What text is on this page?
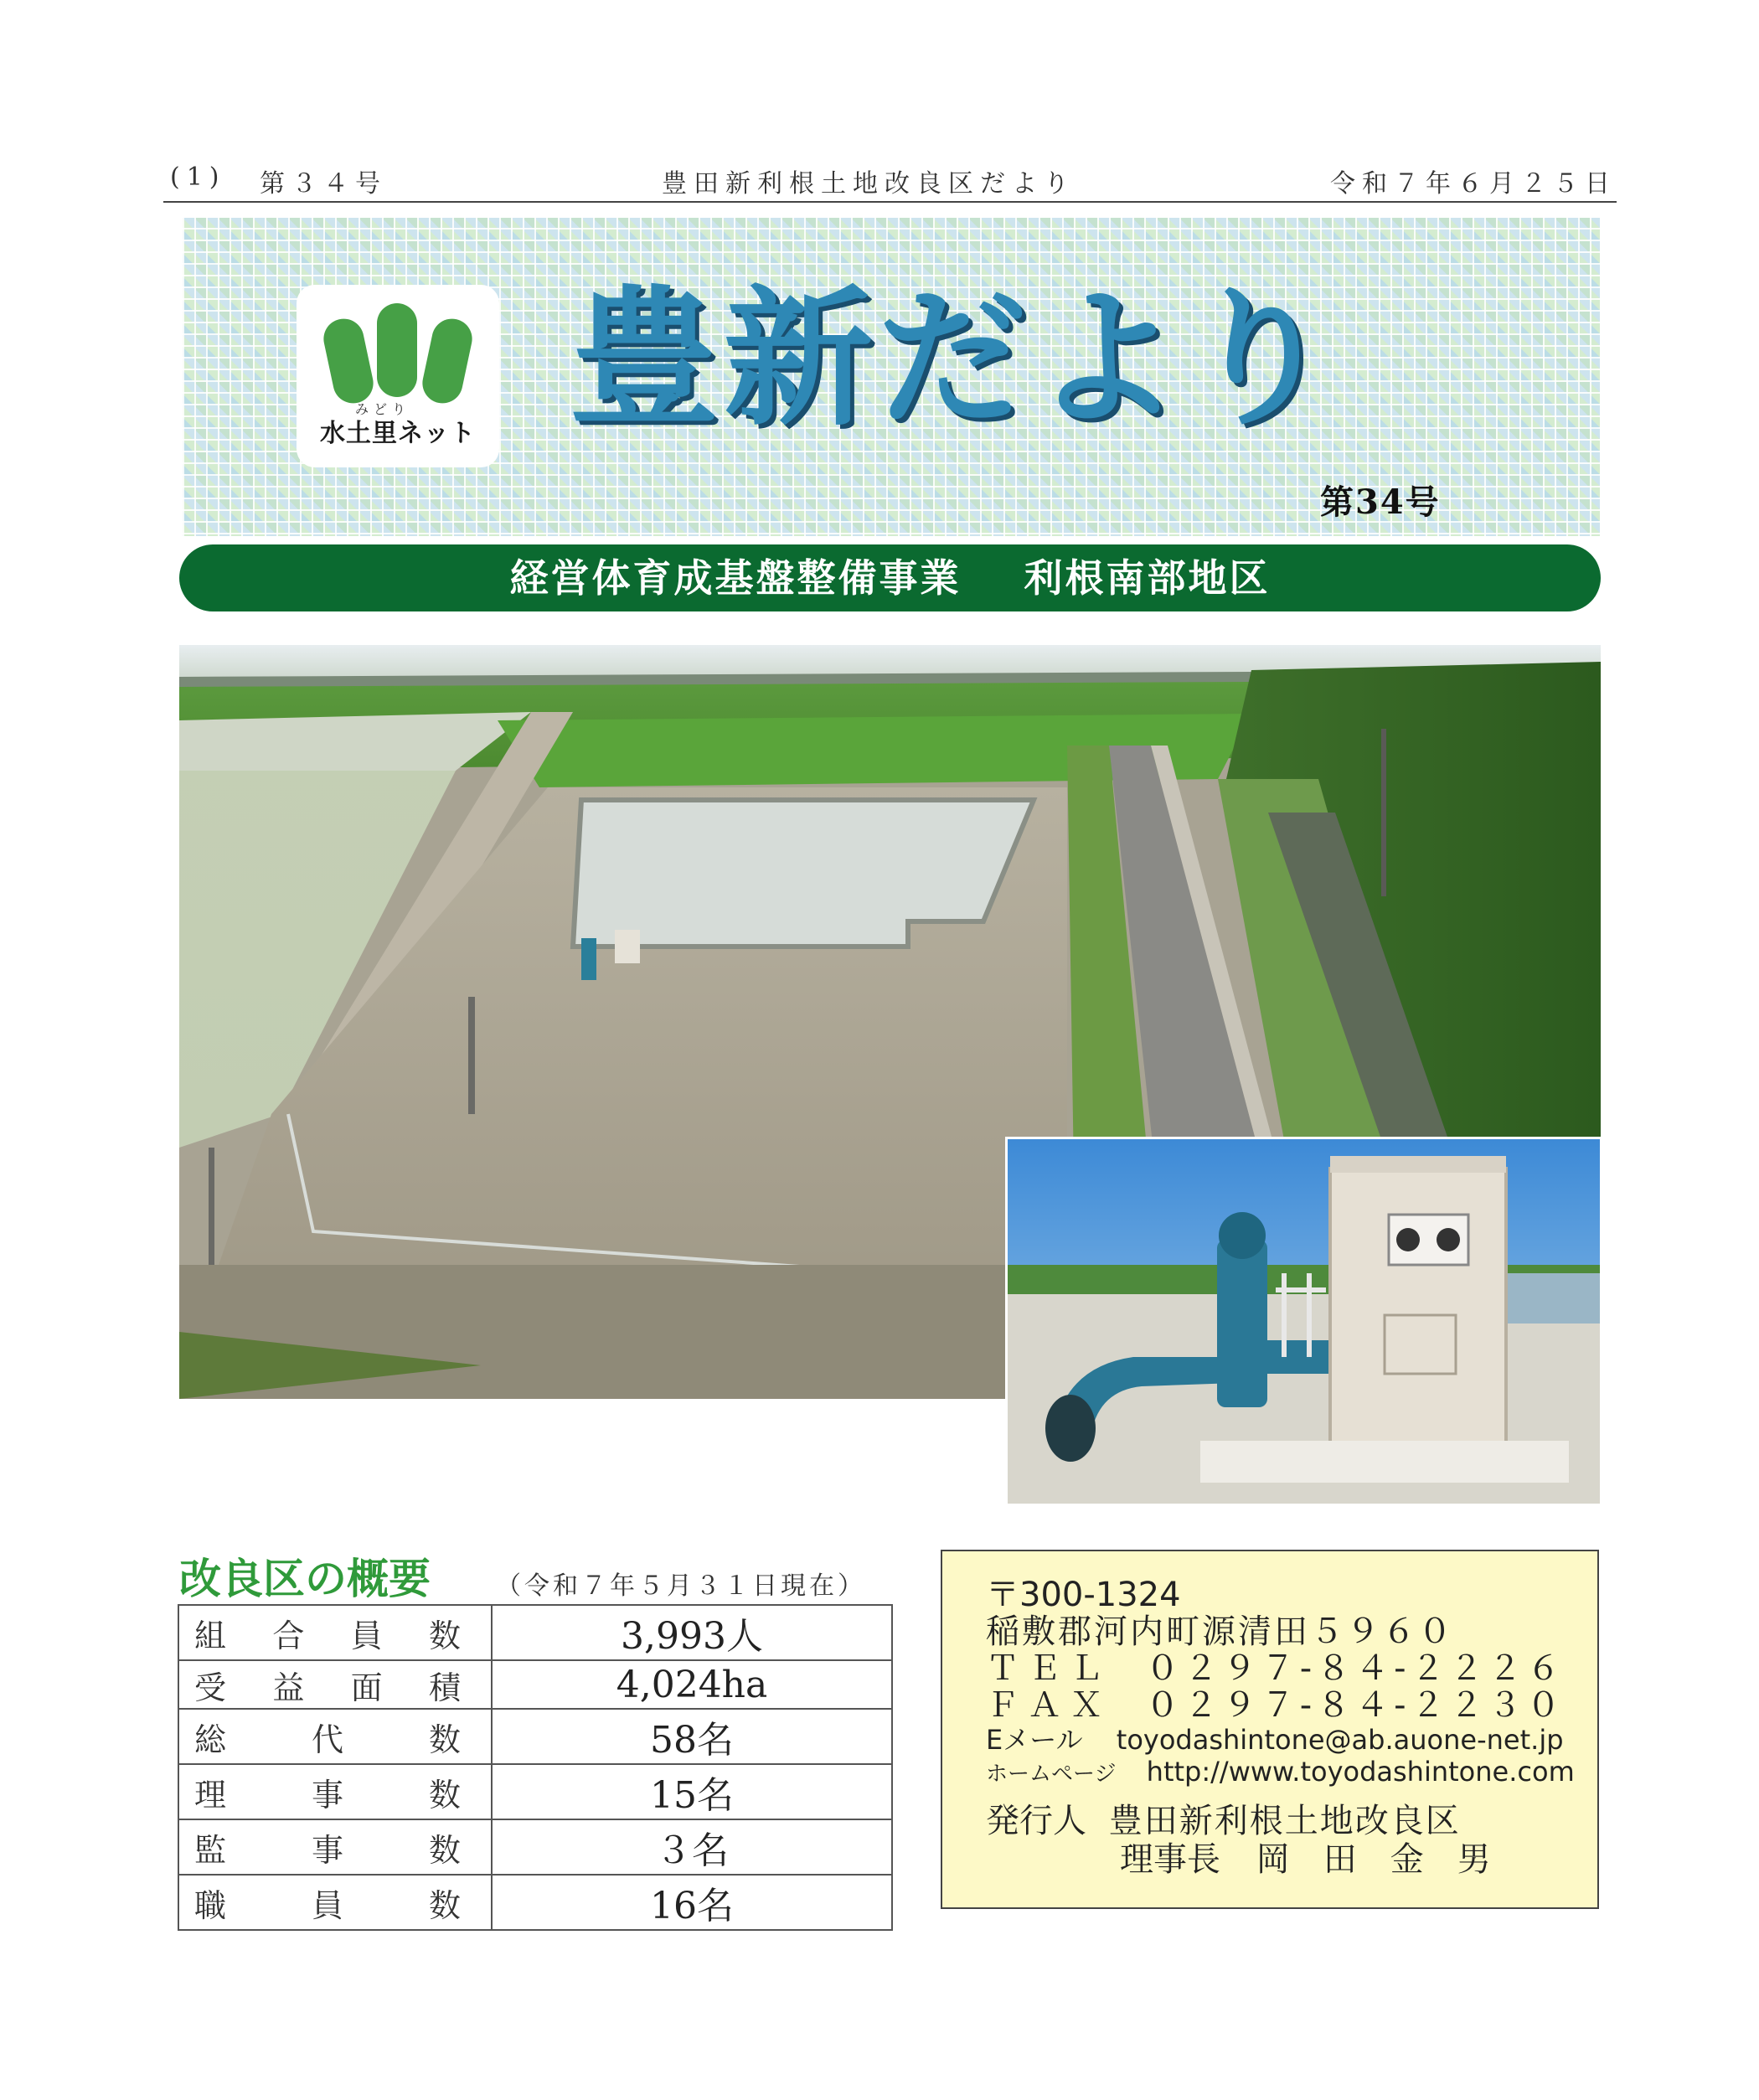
(1) 第３４号	豊田新利根土地改良区だより	令和７年６月２５日
みどり
水土里ネット 豊新だより
第34号
経営体育成基盤整備事業 利根南部地区
改良区の概要	（令和７年５月３１日現在）
組合員数	3,993人
受益面積	4,024ha
総代数	58名
理事数	15名
監事数	３名
職員数	16名
〒300-1324
稲敷郡河内町源清田５９６０
ＴＥＬ ０２９７-８４-２２２６
ＦＡＸ ０２９７-８４-２２３０
Eメール toyodashintone@ab.auone-net.jp
ホームページ http://www.toyodashintone.com
発行人 豊田新利根土地改良区
理事長 岡　田　金　男
